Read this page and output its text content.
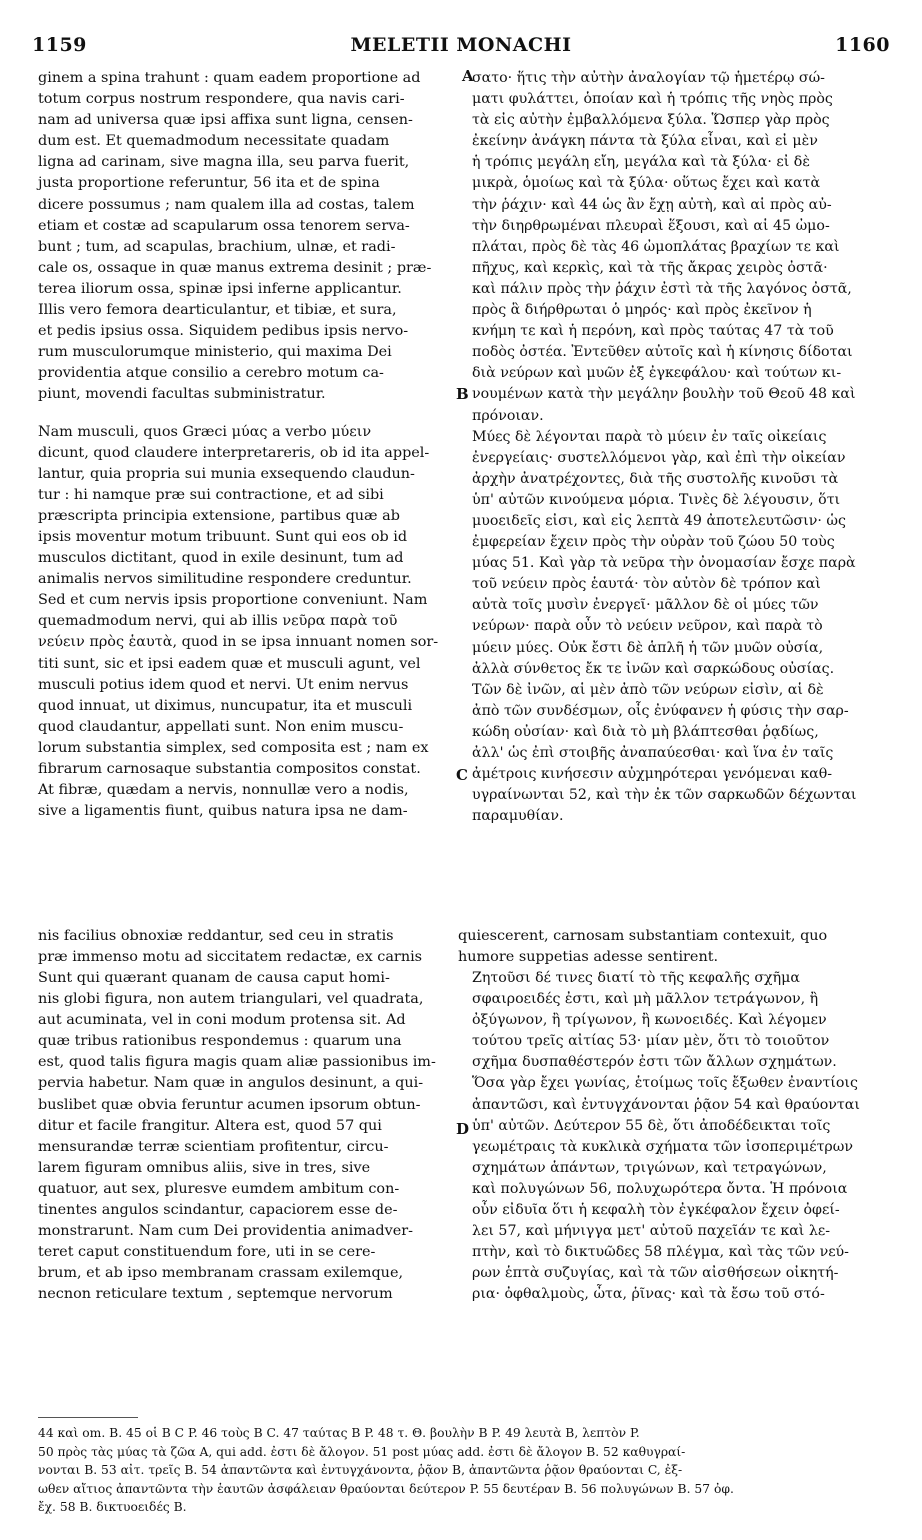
1159	MELETII MONACHI	1160
A
B
C
D

ginem a spina trahunt : quam eadem proportione ad

totum corpus nostrum respondere, qua navis cari-

nam ad universa quæ ipsi affixa sunt ligna, censen-

dum est. Et quemadmodum necessitate quadam

ligna ad carinam, sive magna illa, seu parva fuerit,

justa proportione referuntur, 56 ita et de spina

dicere possumus ; nam qualem illa ad costas, talem

etiam et costæ ad scapularum ossa tenorem serva-

bunt ; tum, ad scapulas, brachium, ulnæ, et radi-

cale os, ossaque in quæ manus extrema desinit ; præ-

terea iliorum ossa, spinæ ipsi inferne applicantur.

Illis vero femora dearticulantur, et tibiæ, et sura,

et pedis ipsius ossa. Siquidem pedibus ipsis nervo-

rum musculorumque ministerio, qui maxima Dei

providentia atque consilio a cerebro motum ca-

piunt, movendi facultas subministratur.

Nam musculi, quos Græci μύας a verbo μύειν

dicunt, quod claudere interpretareris, ob id ita appel-

lantur, quia propria sui munia exsequendo claudun-

tur : hi namque præ sui contractione, et ad sibi

præscripta principia extensione, partibus quæ ab

ipsis moventur motum tribuunt. Sunt qui eos ob id

musculos dictitant, quod in exile desinunt, tum ad

animalis nervos similitudine respondere creduntur.

Sed et cum nervis ipsis proportione conveniunt. Nam

quemadmodum nervi, qui ab illis νεῦρα παρὰ τοῦ

νεύειν πρὸς ἑαυτὰ, quod in se ipsa innuant nomen sor-

titi sunt, sic et ipsi eadem quæ et musculi agunt, vel

musculi potius idem quod et nervi. Ut enim nervus

quod innuat, ut diximus, nuncupatur, ita et musculi

quod claudantur, appellati sunt. Non enim muscu-

lorum substantia simplex, sed composita est ; nam ex

fibrarum carnosaque substantia compositos constat.

At fibræ, quædam a nervis, nonnullæ vero a nodis,

sive a ligamentis fiunt, quibus natura ipsa ne dam-

σατο· ἥτις τὴν αὐτὴν ἀναλογίαν τῷ ἡμετέρῳ σώ-

ματι φυλάττει, ὁποίαν καὶ ἡ τρόπις τῆς νηὸς πρὸς

τὰ εἰς αὐτὴν ἐμβαλλόμενα ξύλα. Ὥσπερ γὰρ πρὸς

ἐκείνην ἀνάγκη πάντα τὰ ξύλα εἶναι, καὶ εἰ μὲν

ἡ τρόπις μεγάλη εἴη, μεγάλα καὶ τὰ ξύλα· εἰ δὲ

μικρὰ, ὁμοίως καὶ τὰ ξύλα· οὕτως ἔχει καὶ κατὰ

τὴν ῥάχιν· καὶ 44 ὡς ἂν ἔχῃ αὐτὴ, καὶ αἱ πρὸς αὐ-

τὴν διηρθρωμέναι πλευραὶ ἕξουσι, καὶ αἱ 45 ὠμο-

πλάται, πρὸς δὲ τὰς 46 ὠμοπλάτας βραχίων τε καὶ

πῆχυς, καὶ κερκὶς, καὶ τὰ τῆς ἄκρας χειρὸς ὀστᾶ·

καὶ πάλιν πρὸς τὴν ῥάχιν ἐστὶ τὰ τῆς λαγόνος ὀστᾶ,

πρὸς ἃ διήρθρωται ὁ μηρός· καὶ πρὸς ἐκεῖνον ἡ

κνήμη τε καὶ ἡ περόνη, καὶ πρὸς ταύτας 47 τὰ τοῦ

ποδὸς ὀστέα. Ἐντεῦθεν αὐτοῖς καὶ ἡ κίνησις δίδοται

διὰ νεύρων καὶ μυῶν ἐξ ἐγκεφάλου· καὶ τούτων κι-

νουμένων κατὰ τὴν μεγάλην βουλὴν τοῦ Θεοῦ 48 καὶ

πρόνοιαν.

Μύες δὲ λέγονται παρὰ τὸ μύειν ἐν ταῖς οἰκείαις

ἐνεργείαις· συστελλόμενοι γὰρ, καὶ ἐπὶ τὴν οἰκείαν

ἀρχὴν ἀνατρέχοντες, διὰ τῆς συστολῆς κινοῦσι τὰ

ὑπ' αὐτῶν κινούμενα μόρια. Τινὲς δὲ λέγουσιν, ὅτι

μυοειδεῖς εἰσι, καὶ εἰς λεπτὰ 49 ἀποτελευτῶσιν· ὡς

ἐμφερείαν ἔχειν πρὸς τὴν οὐρὰν τοῦ ζώου 50 τοὺς

μύας 51. Καὶ γὰρ τὰ νεῦρα τὴν ὀνομασίαν ἔσχε παρὰ

τοῦ νεύειν πρὸς ἑαυτά· τὸν αὐτὸν δὲ τρόπον καὶ

αὐτὰ τοῖς μυσὶν ἐνεργεῖ· μᾶλλον δὲ οἱ μύες τῶν

νεύρων· παρὰ οὖν τὸ νεύειν νεῦρον, καὶ παρὰ τὸ

μύειν μύες. Οὐκ ἔστι δὲ ἁπλῆ ἡ τῶν μυῶν οὐσία,

ἀλλὰ σύνθετος ἔκ τε ἰνῶν καὶ σαρκώδους οὐσίας.

Τῶν δὲ ἰνῶν, αἱ μὲν ἀπὸ τῶν νεύρων εἰσὶν, αἱ δὲ

ἀπὸ τῶν συνδέσμων, οἷς ἐνύφανεν ἡ φύσις τὴν σαρ-

κώδη οὐσίαν· καὶ διὰ τὸ μὴ βλάπτεσθαι ῥᾳδίως,

ἀλλ' ὡς ἐπὶ στοιβῆς ἀναπαύεσθαι· καὶ ἵνα ἐν ταῖς

ἀμέτροις κινήσεσιν αὐχμηρότεραι γενόμεναι καθ-

υγραίνωνται 52, καὶ τὴν ἐκ τῶν σαρκωδῶν δέχωνται

παραμυθίαν.

nis facilius obnoxiæ reddantur, sed ceu in stratis

præ immenso motu ad siccitatem redactæ, ex carnis

quiescerent, carnosam substantiam contexuit, quo

humore suppetias adesse sentirent.

Sunt qui quærant quanam de causa caput homi-

nis globi figura, non autem triangulari, vel quadrata,

aut acuminata, vel in coni modum protensa sit. Ad

quæ tribus rationibus respondemus : quarum una

est, quod talis figura magis quam aliæ passionibus im-

pervia habetur. Nam quæ in angulos desinunt, a qui-

buslibet quæ obvia feruntur acumen ipsorum obtun-

ditur et facile frangitur. Altera est, quod 57 qui

mensurandæ terræ scientiam profitentur, circu-

larem figuram omnibus aliis, sive in tres, sive

quatuor, aut sex, pluresve eumdem ambitum con-

tinentes angulos scindantur, capaciorem esse de-

monstrarunt. Nam cum Dei providentia animadver-

teret caput constituendum fore, uti in se cere-

brum, et ab ipso membranam crassam exilemque,

necnon reticulare textum , septemque nervorum

Ζητοῦσι δέ τινες διατί τὸ τῆς κεφαλῆς σχῆμα

σφαιροειδές ἐστι, καὶ μὴ μᾶλλον τετράγωνον, ἢ

ὀξύγωνον, ἢ τρίγωνον, ἢ κωνοειδές. Καὶ λέγομεν

τούτου τρεῖς αἰτίας 53· μίαν μὲν, ὅτι τὸ τοιοῦτον

σχῆμα δυσπαθέστερόν ἐστι τῶν ἄλλων σχημάτων.

Ὅσα γὰρ ἔχει γωνίας, ἑτοίμως τοῖς ἔξωθεν ἐναντίοις

ἀπαντῶσι, καὶ ἐντυγχάνονται ῥᾷον 54 καὶ θραύονται

ὑπ' αὐτῶν. Δεύτερον 55 δὲ, ὅτι ἀποδέδεικται τοῖς

γεωμέτραις τὰ κυκλικὰ σχήματα τῶν ἰσοπεριμέτρων

σχημάτων ἁπάντων, τριγώνων, καὶ τετραγώνων,

καὶ πολυγώνων 56, πολυχωρότερα ὄντα. Ἡ πρόνοια

οὖν εἰδυῖα ὅτι ἡ κεφαλὴ τὸν ἐγκέφαλον ἔχειν ὀφεί-

λει 57, καὶ μήνιγγα μετ' αὐτοῦ παχεῖάν τε καὶ λε-

πτὴν, καὶ τὸ δικτυῶδες 58 πλέγμα, καὶ τὰς τῶν νεύ-

ρων ἑπτὰ συζυγίας, καὶ τὰ τῶν αἰσθήσεων οἰκητή-

ρια· ὀφθαλμοὺς, ὦτα, ῥῖνας· καὶ τὰ ἔσω τοῦ στό-

44 καὶ om. B. 45 οἱ B C P. 46 τοὺς B C. 47 ταύτας B P. 48 τ. Θ. βουλὴν B P. 49 λευτὰ B, λεπτὸν P.

50 πρὸς τὰς μύας τὰ ζῶα A, qui add. ἐστι δὲ ἄλογον. 51 post μύας add. ἐστι δὲ ἄλογον B. 52 καθυγραί-

νονται B. 53 αἰτ. τρεῖς B. 54 ἀπαντῶντα καὶ ἐντυγχάνοντα, ῥᾷον B, ἀπαντῶντα ῥᾷον θραύονται C, ἐξ-

ωθεν αἴτιος ἀπαντῶντα τὴν ἑαυτῶν ἀσφάλειαν θραύονται δεύτερον P. 55 δευτέραν B. 56 πολυγώνων B. 57 ὀφ.

ἔχ. 58 B. δικτυοειδές B.
